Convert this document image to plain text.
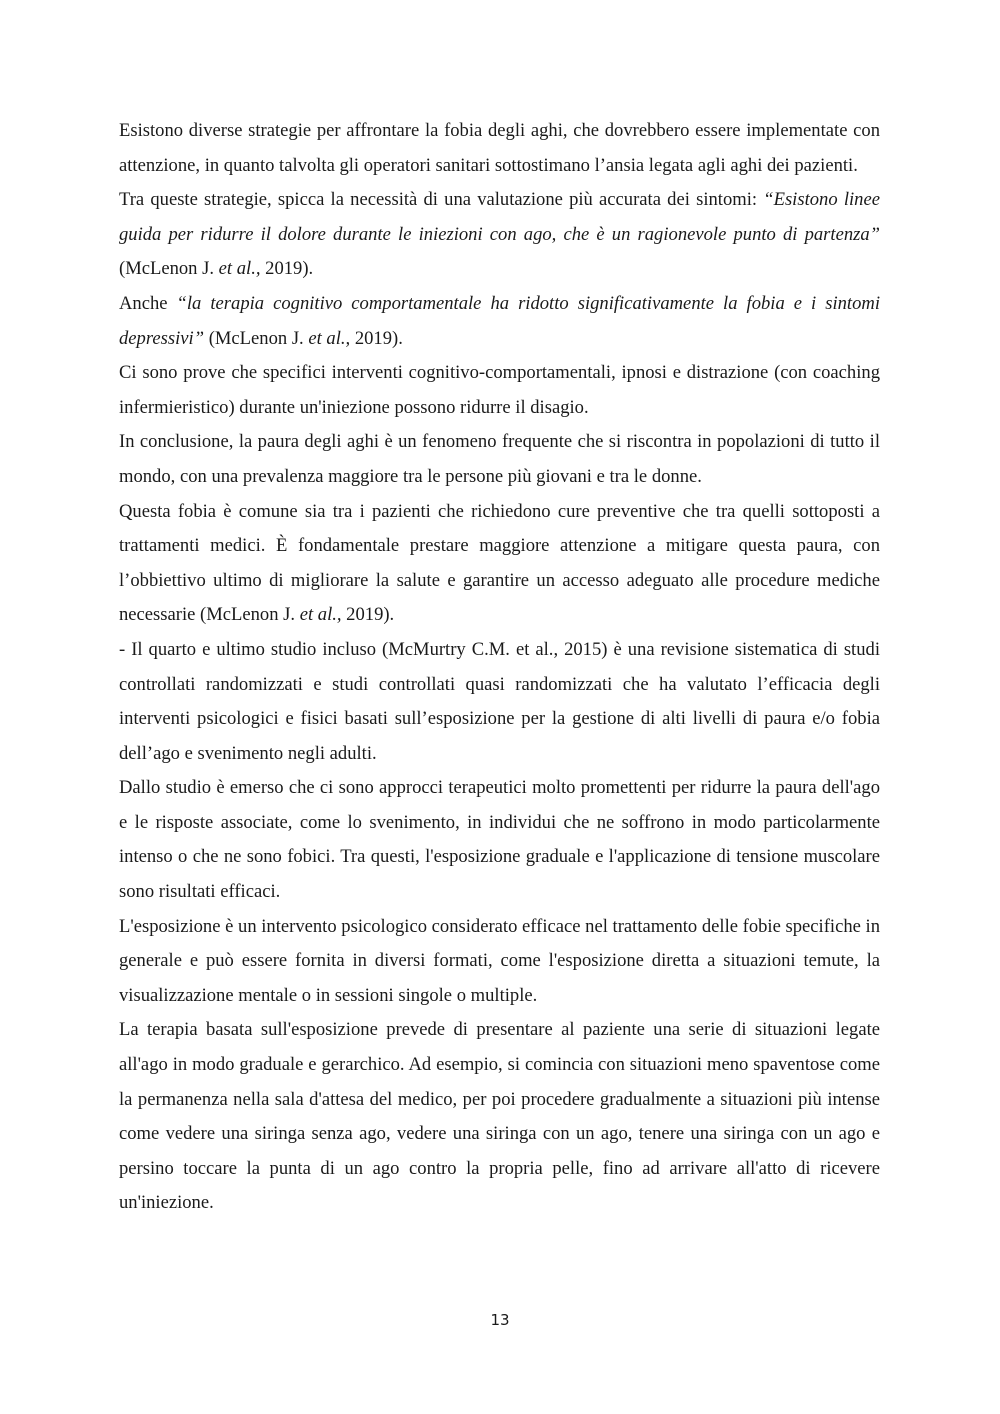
Esistono diverse strategie per affrontare la fobia degli aghi, che dovrebbero essere implementate con attenzione, in quanto talvolta gli operatori sanitari sottostimano l’ansia legata agli aghi dei pazienti.

Tra queste strategie, spicca la necessità di una valutazione più accurata dei sintomi: “Esistono linee guida per ridurre il dolore durante le iniezioni con ago, che è un ragionevole punto di partenza” (McLenon J. et al., 2019).

Anche “la terapia cognitivo comportamentale ha ridotto significativamente la fobia e i sintomi depressivi” (McLenon J. et al., 2019).

Ci sono prove che specifici interventi cognitivo-comportamentali, ipnosi e distrazione (con coaching infermieristico) durante un'iniezione possono ridurre il disagio.

In conclusione, la paura degli aghi è un fenomeno frequente che si riscontra in popolazioni di tutto il mondo, con una prevalenza maggiore tra le persone più giovani e tra le donne.

Questa fobia è comune sia tra i pazienti che richiedono cure preventive che tra quelli sottoposti a trattamenti medici. È fondamentale prestare maggiore attenzione a mitigare questa paura, con l’obbiettivo ultimo di migliorare la salute e garantire un accesso adeguato alle procedure mediche necessarie (McLenon J. et al., 2019).

- Il quarto e ultimo studio incluso (McMurtry C.M. et al., 2015) è una revisione sistematica di studi controllati randomizzati e studi controllati quasi randomizzati che ha valutato l’efficacia degli interventi psicologici e fisici basati sull’esposizione per la gestione di alti livelli di paura e/o fobia dell’ago e svenimento negli adulti.

Dallo studio è emerso che ci sono approcci terapeutici molto promettenti per ridurre la paura dell'ago e le risposte associate, come lo svenimento, in individui che ne soffrono in modo particolarmente intenso o che ne sono fobici. Tra questi, l'esposizione graduale e l'applicazione di tensione muscolare sono risultati efficaci.

L'esposizione è un intervento psicologico considerato efficace nel trattamento delle fobie specifiche in generale e può essere fornita in diversi formati, come l'esposizione diretta a situazioni temute, la visualizzazione mentale o in sessioni singole o multiple.

La terapia basata sull'esposizione prevede di presentare al paziente una serie di situazioni legate all'ago in modo graduale e gerarchico. Ad esempio, si comincia con situazioni meno spaventose come la permanenza nella sala d'attesa del medico, per poi procedere gradualmente a situazioni più intense come vedere una siringa senza ago, vedere una siringa con un ago, tenere una siringa con un ago e persino toccare la punta di un ago contro la propria pelle, fino ad arrivare all'atto di ricevere un'iniezione.

13
